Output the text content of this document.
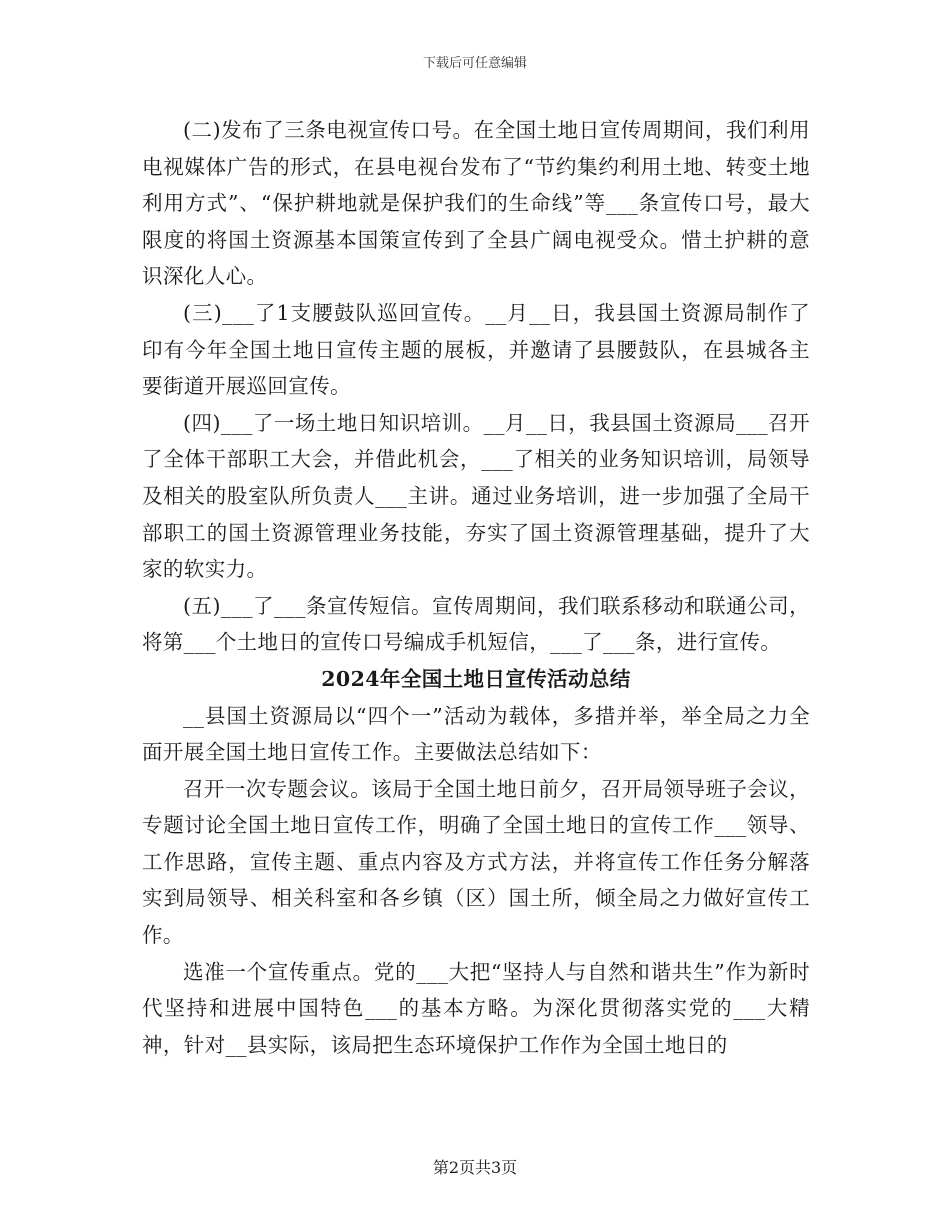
下载后可任意编辑

(二)发布了三条电视宣传口号。在全国土地日宣传周期间，我们利用电视媒体广告的形式，在县电视台发布了“节约集约利用土地、转变土地利用方式”、“保护耕地就是保护我们的生命线”等___条宣传口号，最大限度的将国土资源基本国策宣传到了全县广阔电视受众。惜土护耕的意识深化人心。

(三)___了1支腰鼓队巡回宣传。__月__日，我县国土资源局制作了印有今年全国土地日宣传主题的展板，并邀请了县腰鼓队，在县城各主要街道开展巡回宣传。

(四)___了一场土地日知识培训。__月__日，我县国土资源局___召开了全体干部职工大会，并借此机会，___了相关的业务知识培训，局领导及相关的股室队所负责人___主讲。通过业务培训，进一步加强了全局干部职工的国土资源管理业务技能，夯实了国土资源管理基础，提升了大家的软实力。

(五)___了___条宣传短信。宣传周期间，我们联系移动和联通公司，将第___个土地日的宣传口号编成手机短信，___了___条，进行宣传。

2024年全国土地日宣传活动总结

__县国土资源局以“四个一”活动为载体，多措并举，举全局之力全面开展全国土地日宣传工作。主要做法总结如下：

召开一次专题会议。该局于全国土地日前夕，召开局领导班子会议，专题讨论全国土地日宣传工作，明确了全国土地日的宣传工作___领导、工作思路，宣传主题、重点内容及方式方法，并将宣传工作任务分解落实到局领导、相关科室和各乡镇（区）国土所，倾全局之力做好宣传工作。

选准一个宣传重点。党的___大把“坚持人与自然和谐共生”作为新时代坚持和进展中国特色___的基本方略。为深化贯彻落实党的___大精神，针对__县实际，该局把生态环境保护工作作为全国土地日的

第2页共3页
